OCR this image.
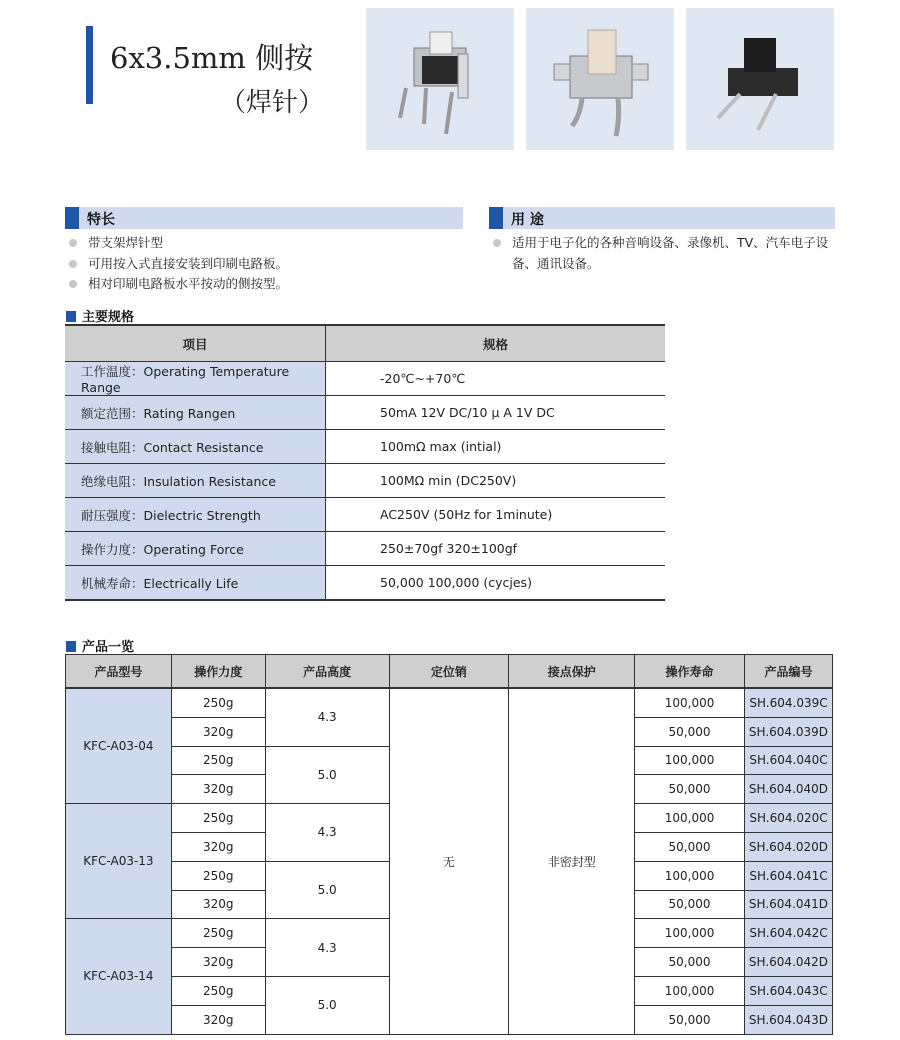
6x3.5mm 侧按
（焊针）
特长
带支架焊针型
可用按入式直接安装到印刷电路板。
相对印刷电路板水平按动的侧按型。
用 途
适用于电子化的各种音响设备、录像机、TV、汽车电子设备、通讯设备。
主要规格
项目	规格
工作温度：Operating Temperature Range	-20℃~+70℃
额定范围：Rating Rangen	50mA 12V DC/10 μ A 1V DC
接触电阻：Contact Resistance	100mΩ max (intial)
绝缘电阻：Insulation Resistance	100MΩ min (DC250V)
耐压强度：Dielectric Strength	AC250V (50Hz for 1minute)
操作力度：Operating Force	250±70gf 320±100gf
机械寿命：Electrically Life	50,000 100,000 (cycjes)
产品一览
产品型号	操作力度	产品高度	定位销	接点保护	操作寿命	产品编号
KFC-A03-04	250g	4.3	无	非密封型	100,000	SH.604.039C
	320g				50,000	SH.604.039D
	250g	5.0			100,000	SH.604.040C
	320g				50,000	SH.604.040D
KFC-A03-13	250g	4.3			100,000	SH.604.020C
	320g				50,000	SH.604.020D
	250g	5.0			100,000	SH.604.041C
	320g				50,000	SH.604.041D
KFC-A03-14	250g	4.3			100,000	SH.604.042C
	320g				50,000	SH.604.042D
	250g	5.0			100,000	SH.604.043C
	320g				50,000	SH.604.043D
